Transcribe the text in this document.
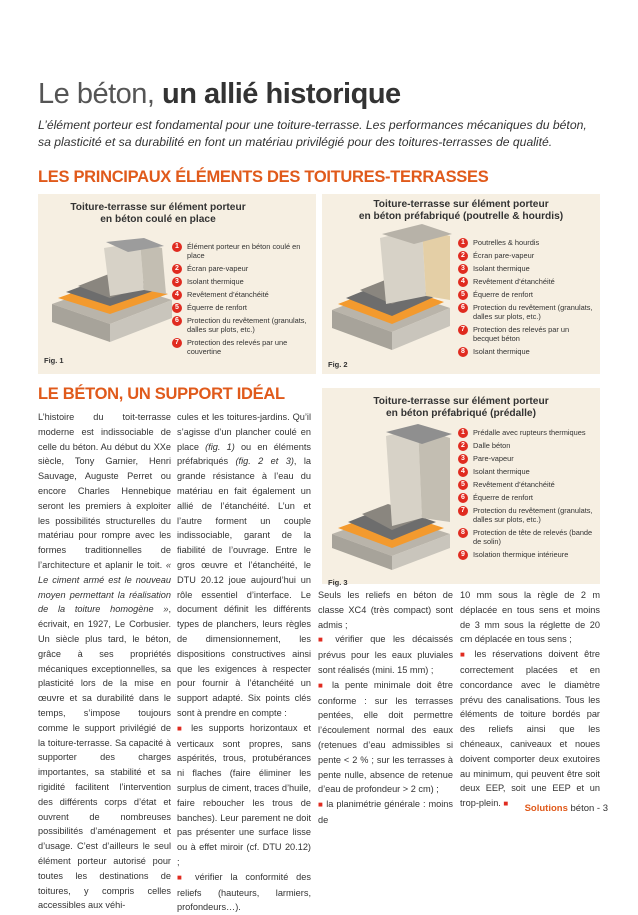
Le béton, un allié historique
L’élément porteur est fondamental pour une toiture-terrasse. Les performances mécaniques du béton, sa plasticité et sa durabilité en font un matériau privilégié pour des toitures-terrasses de qualité.
LES PRINCIPAUX ÉLÉMENTS DES TOITURES-TERRASSES
Toiture-terrasse sur élément porteur
en béton coulé en place
Fig. 1
1	Élément porteur en béton coulé en place
2	Écran pare-vapeur
3	Isolant thermique
4	Revêtement d’étanchéité
5	Équerre de renfort
6	Protection du revêtement (granulats, dalles sur plots, etc.)
7	Protection des relevés par une couvertine
Toiture-terrasse sur élément porteur
en béton préfabriqué (poutrelle & hourdis)
Fig. 2
1	Poutrelles & hourdis
2	Écran pare-vapeur
3	Isolant thermique
4	Revêtement d’étanchéité
5	Équerre de renfort
6	Protection du revêtement (granulats, dalles sur plots, etc.)
7	Protection des relevés par un becquet béton
8	Isolant thermique
LE BÉTON, UN SUPPORT IDÉAL	Toiture-terrasse sur élément porteur
en béton préfabriqué (prédalle)
Fig. 3
1	Prédalle avec rupteurs thermiques
2	Dalle béton
3	Pare-vapeur
4	Isolant thermique
5	Revêtement d’étanchéité
6	Équerre de renfort
7	Protection du revêtement (granulats, dalles sur plots, etc.)
8	Protection de tête de relevés (bande de solin)
9	Isolation thermique intérieure

L’histoire du toit-terrasse moderne est indissociable de celle du béton. Au début du XXe siècle, Tony Garnier, Henri Sauvage, Auguste Perret ou encore Charles Hennebique seront les premiers à exploiter les possibilités structurelles du matériau pour rompre avec les formes traditionnelles de l’architecture et aplanir le toit. « Le ciment armé est le nouveau moyen permettant la réalisation de la toiture homogène », écrivait, en 1927, Le Corbusier. Un siècle plus tard, le béton, grâce à ses propriétés mécaniques exceptionnelles, sa plasticité lors de la mise en œuvre et sa durabilité dans le temps, s’impose toujours comme le support privilégié de la toiture-terrasse. Sa capacité à supporter des charges importantes, sa stabilité et sa rigidité facilitent l’intervention des différents corps d’état et ouvrent de nombreuses possibilités d’aménagement et d’usage. C’est d’ailleurs le seul élément porteur autorisé pour toutes les destinations de toitures, y compris celles accessibles aux véhi-

cules et les toitures-jardins. Qu’il s’agisse d’un plancher coulé en place (fig. 1) ou en éléments préfabriqués (fig. 2 et 3), la grande résistance à l’eau du matériau en fait également un allié de l’étanchéité. L’un et l’autre forment un couple indissociable, garant de la fiabilité de l’ouvrage. Entre le gros œuvre et l’étanchéité, le DTU 20.12 joue aujourd’hui un rôle essentiel d’interface. Le document définit les différents types de planchers, leurs règles de dimensionnement, les dispositions constructives ainsi que les exigences à respecter pour fournir à l’étanchéité un support adapté. Six points clés sont à prendre en compte :

■ les supports horizontaux et verticaux sont propres, sans aspérités, trous, protubérances ni flaches (faire éliminer les surplus de ciment, traces d’huile, faire reboucher les trous de banches). Leur parement ne doit pas présenter une surface lisse ou à effet miroir (cf. DTU 20.12) ;

■ vérifier la conformité des reliefs (hauteurs, larmiers, profondeurs…).

Seuls les reliefs en béton de classe XC4 (très compact) sont admis ;

■ vérifier que les décaissés prévus pour les eaux pluviales sont réalisés (mini. 15 mm) ;

■ la pente minimale doit être conforme : sur les terrasses pentées, elle doit permettre l’écoulement normal des eaux (retenues d’eau admissibles si pente < 2 % ; sur les terrasses à pente nulle, absence de retenue d’eau de profondeur > 2 cm) ;

■ la planimétrie générale : moins de

10 mm sous la règle de 2 m déplacée en tous sens et moins de 3 mm sous la réglette de 20 cm déplacée en tous sens ;

■ les réservations doivent être correctement placées et en concordance avec le diamètre prévu des canalisations. Tous les éléments de toiture bordés par des reliefs ainsi que les chéneaux, caniveaux et noues doivent comporter deux exutoires au minimum, qui peuvent être soit deux EEP, soit une EEP et un trop-plein. ■	Solutions béton - 3
